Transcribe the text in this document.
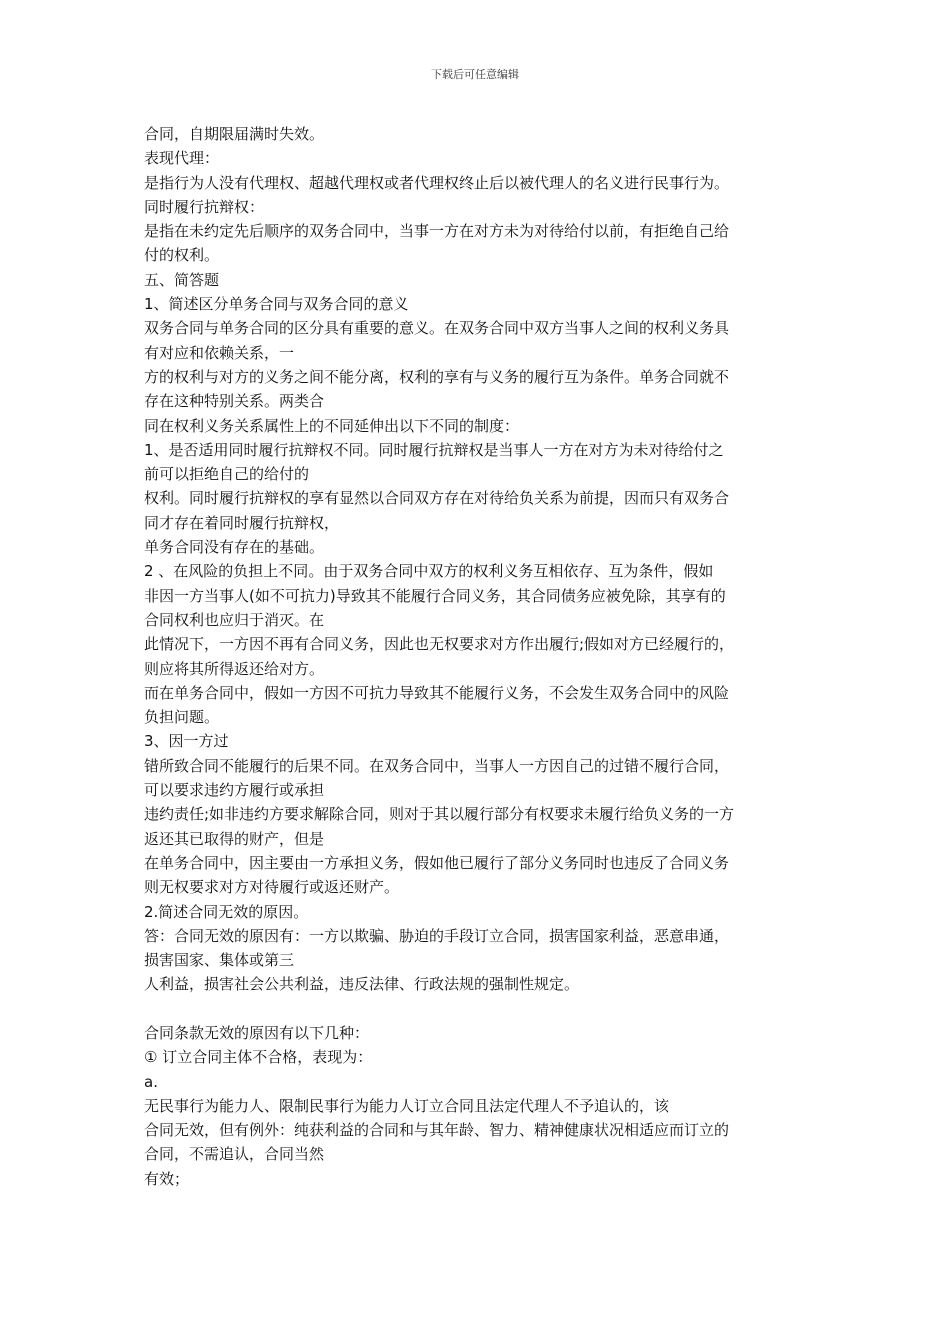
下载后可任意编辑
合同，自期限届满时失效。
表现代理：
是指行为人没有代理权、超越代理权或者代理权终止后以被代理人的名义进行民事行为。
同时履行抗辩权：
是指在未约定先后顺序的双务合同中，当事一方在对方未为对待给付以前，有拒绝自己给
付的权利。
五、简答题
1、简述区分单务合同与双务合同的意义
双务合同与单务合同的区分具有重要的意义。在双务合同中双方当事人之间的权利义务具
有对应和依赖关系，一
方的权利与对方的义务之间不能分离，权利的享有与义务的履行互为条件。单务合同就不
存在这种特别关系。两类合
同在权利义务关系属性上的不同延伸出以下不同的制度：
1、是否适用同时履行抗辩权不同。同时履行抗辩权是当事人一方在对方为未对待给付之
前可以拒绝自己的给付的
权利。同时履行抗辩权的享有显然以合同双方存在对待给负关系为前提，因而只有双务合
同才存在着同时履行抗辩权，
单务合同没有存在的基础。
2 、在风险的负担上不同。由于双务合同中双方的权利义务互相依存、互为条件，假如
非因一方当事人(如不可抗力)导致其不能履行合同义务，其合同债务应被免除，其享有的
合同权利也应归于消灭。在
此情况下，一方因不再有合同义务，因此也无权要求对方作出履行;假如对方已经履行的，
则应将其所得返还给对方。
而在单务合同中，假如一方因不可抗力导致其不能履行义务，不会发生双务合同中的风险
负担问题。
3、因一方过
错所致合同不能履行的后果不同。在双务合同中，当事人一方因自己的过错不履行合同，
可以要求违约方履行或承担
违约责任;如非违约方要求解除合同，则对于其以履行部分有权要求未履行给负义务的一方
返还其已取得的财产，但是
在单务合同中，因主要由一方承担义务，假如他已履行了部分义务同时也违反了合同义务
则无权要求对方对待履行或返还财产。
2.简述合同无效的原因。
答：合同无效的原因有：一方以欺骗、胁迫的手段订立合同，损害国家利益，恶意串通，
损害国家、集体或第三
人利益，损害社会公共利益，违反法律、行政法规的强制性规定。
合同条款无效的原因有以下几种：
① 订立合同主体不合格，表现为：
a.
无民事行为能力人、限制民事行为能力人订立合同且法定代理人不予追认的，该
合同无效，但有例外：纯获利益的合同和与其年龄、智力、精神健康状况相适应而订立的
合同，不需追认，合同当然
有效；
